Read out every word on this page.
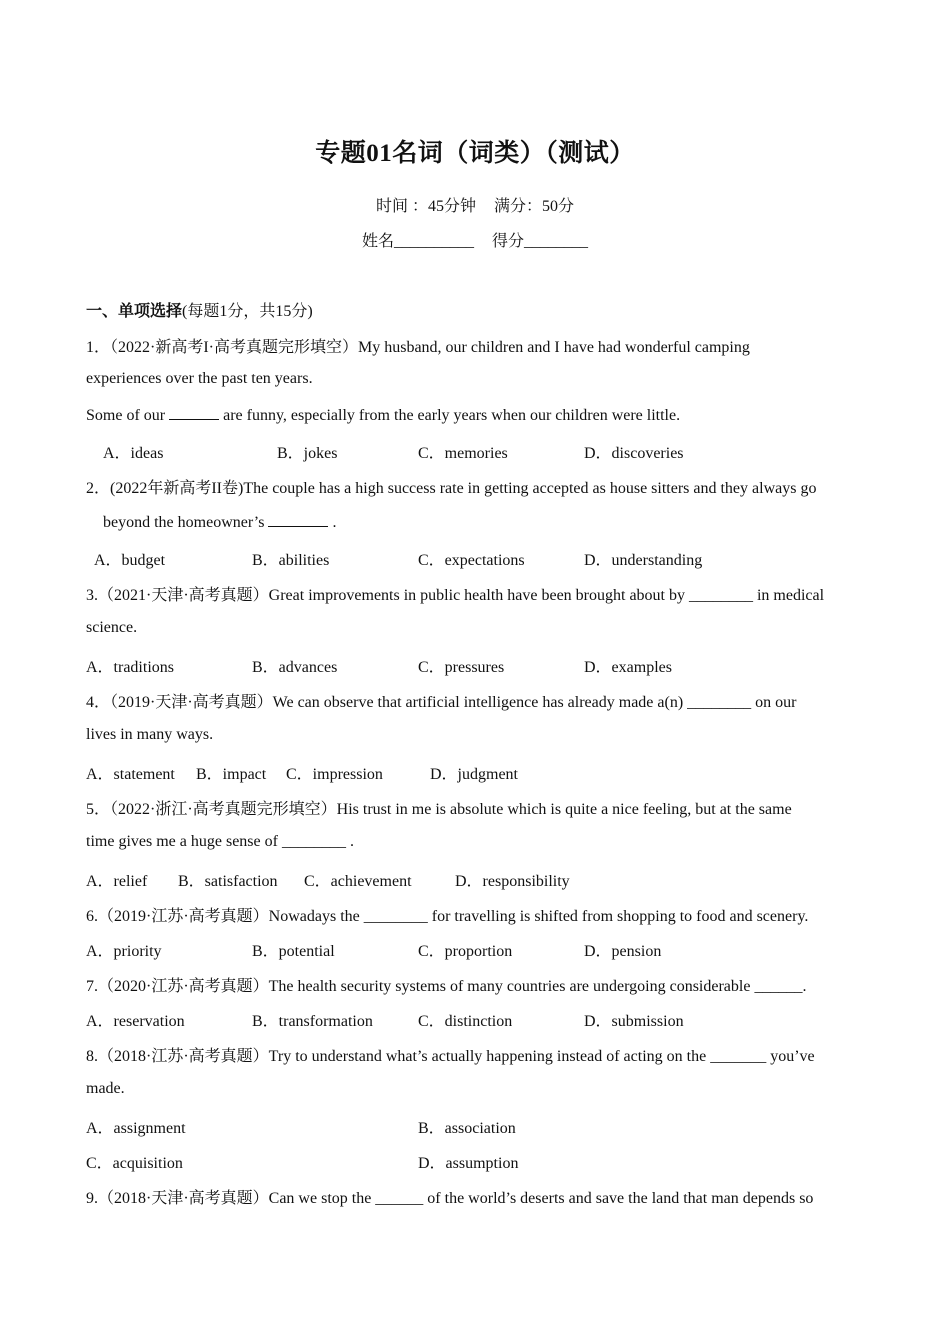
专题01名词（词类）（测试）
时间 ：45分钟 满分：50分
姓名__________ 得分________
一、单项选择(每题1分，共15分)
1．（2022·新高考I·高考真题完形填空）My husband, our children and I have had wonderful camping
experiences over the past ten years.
Some of our	are funny, especially from the early years when our children were little.
A．ideas	B．jokes	C．memories	D．discoveries
2．(2022年新高考II卷)The couple has a high success rate in getting accepted as house sitters and they always go
beyond the homeowner’s	.
A．budget	B．abilities	C．expectations	D．understanding
3.（2021·天津·高考真题）Great improvements in public health have been brought about by ________ in medical
science.
A．traditions	B．advances	C．pressures	D．examples
4．（2019·天津·高考真题）We can observe that artificial intelligence has already made a(n) ________ on our
lives in many ways.
A．statement B．impact C．impression	D．judgment
5．（2022·浙江·高考真题完形填空）His trust in me is absolute which is quite a nice feeling, but at the same
time gives me a huge sense of ________ .
A．relief B．satisfaction C．achievement	D．responsibility
6.（2019·江苏·高考真题）Nowadays the ________ for travelling is shifted from shopping to food and scenery.
A．priority	B．potential	C．proportion	D．pension
7.（2020·江苏·高考真题）The health security systems of many countries are undergoing considerable ______.
A．reservation	B．transformation	C．distinction	D．submission
8.（2018·江苏·高考真题）Try to understand what’s actually happening instead of acting on the _______ you’ve
made.
A．assignment	B．association
C．acquisition	D．assumption
9.（2018·天津·高考真题）Can we stop the ______ of the world’s deserts and save the land that man depends so
